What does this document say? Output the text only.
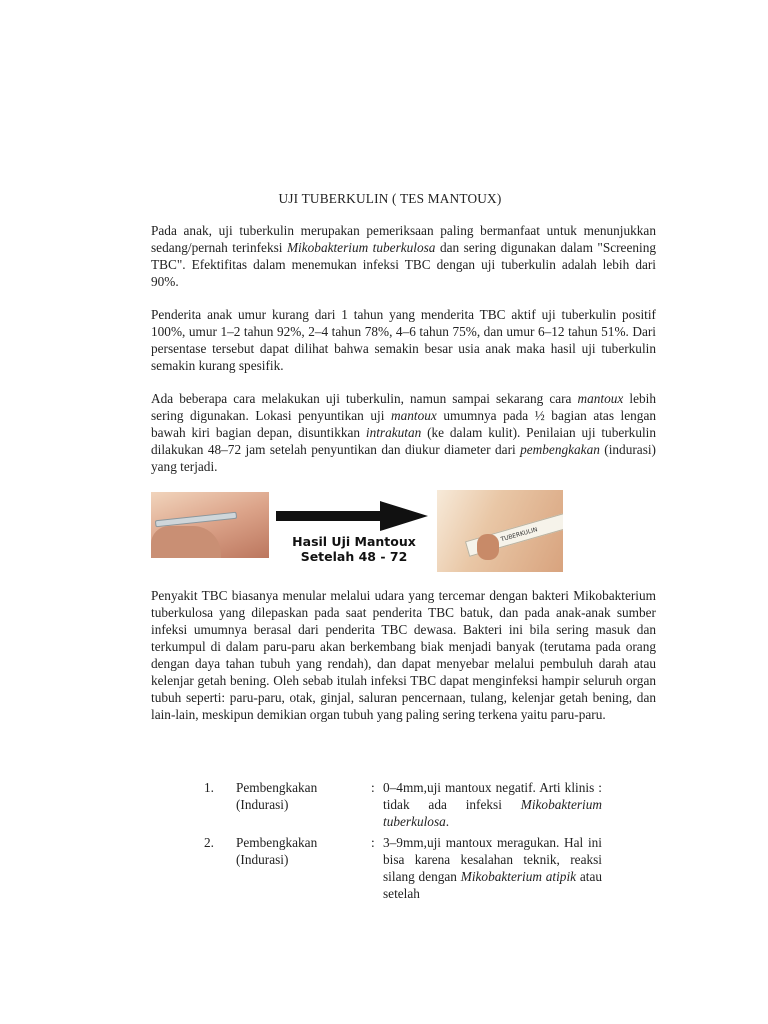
UJI TUBERKULIN ( TES MANTOUX)

Pada anak, uji tuberkulin merupakan pemeriksaan paling bermanfaat untuk menunjukkan sedang/pernah terinfeksi Mikobakterium tuberkulosa dan sering digunakan dalam "Screening TBC". Efektifitas dalam menemukan infeksi TBC dengan uji tuberkulin adalah lebih dari 90%.

Penderita anak umur kurang dari 1 tahun yang menderita TBC aktif uji tuberkulin positif 100%, umur 1–2 tahun 92%, 2–4 tahun 78%, 4–6 tahun 75%, dan umur 6–12 tahun 51%. Dari persentase tersebut dapat dilihat bahwa semakin besar usia anak maka hasil uji tuberkulin semakin kurang spesifik.

Ada beberapa cara melakukan uji tuberkulin, namun sampai sekarang cara mantoux lebih sering digunakan. Lokasi penyuntikan uji mantoux umumnya pada ½ bagian atas lengan bawah kiri bagian depan, disuntikkan intrakutan (ke dalam kulit). Penilaian uji tuberkulin dilakukan 48–72 jam setelah penyuntikan dan diukur diameter dari pembengkakan (indurasi) yang terjadi.

Hasil Uji Mantoux
Setelah 48 - 72
TUBERKULIN

Penyakit TBC biasanya menular melalui udara yang tercemar dengan bakteri Mikobakterium tuberkulosa yang dilepaskan pada saat penderita TBC batuk, dan pada anak-anak sumber infeksi umumnya berasal dari penderita TBC dewasa. Bakteri ini bila sering masuk dan terkumpul di dalam paru-paru akan berkembang biak menjadi banyak (terutama pada orang dengan daya tahan tubuh yang rendah), dan dapat menyebar melalui pembuluh darah atau kelenjar getah bening. Oleh sebab itulah infeksi TBC dapat menginfeksi hampir seluruh organ tubuh seperti: paru-paru, otak, ginjal, saluran pencernaan, tulang, kelenjar getah bening, dan lain-lain, meskipun demikian organ tubuh yang paling sering terkena yaitu paru-paru.

1. Pembengkakan
(Indurasi)
: 0–4mm,uji mantoux negatif. Arti klinis : tidak ada infeksi Mikobakterium tuberkulosa.
2. Pembengkakan
(Indurasi)
: 3–9mm,uji mantoux meragukan. Hal ini bisa karena kesalahan teknik, reaksi silang dengan Mikobakterium atipik atau setelah
